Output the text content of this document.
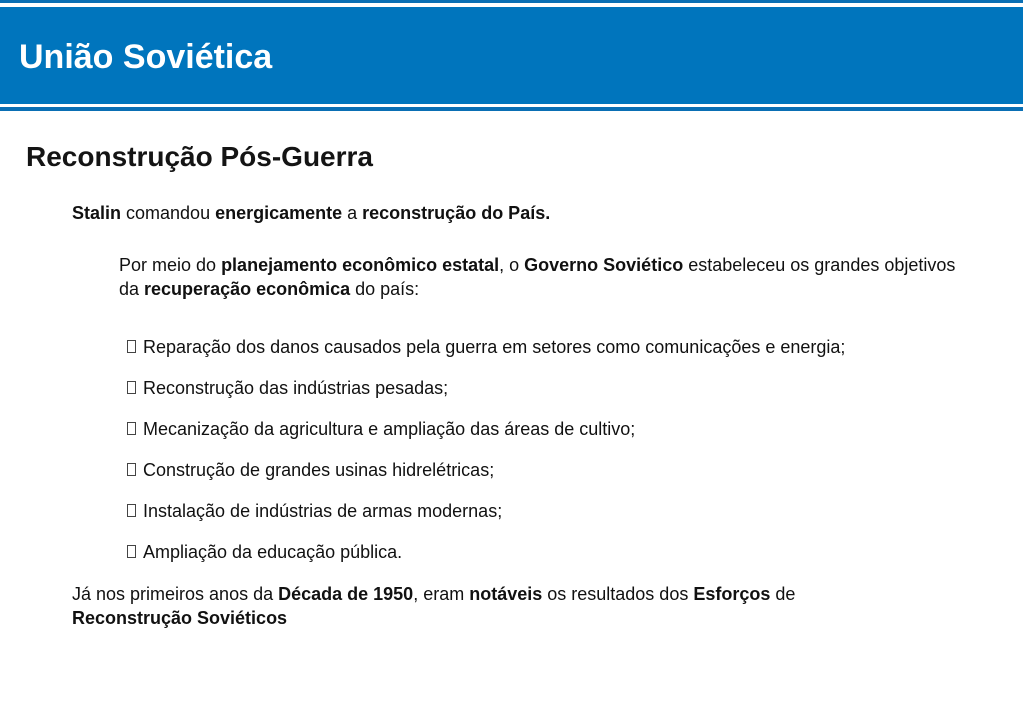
União Soviética
Reconstrução Pós-Guerra

Stalin comandou energicamente a reconstrução do País.

Por meio do planejamento econômico estatal, o Governo Soviético estabeleceu os grandes objetivos da recuperação econômica do país:

Reparação dos danos causados pela guerra em setores como comunicações e energia;
Reconstrução das indústrias pesadas;
Mecanização da agricultura e ampliação das áreas de cultivo;
Construção de grandes usinas hidrelétricas;
Instalação de indústrias de armas modernas;
Ampliação da educação pública.

Já nos primeiros anos da Década de 1950, eram notáveis os resultados dos Esforços de
Reconstrução Soviéticos
